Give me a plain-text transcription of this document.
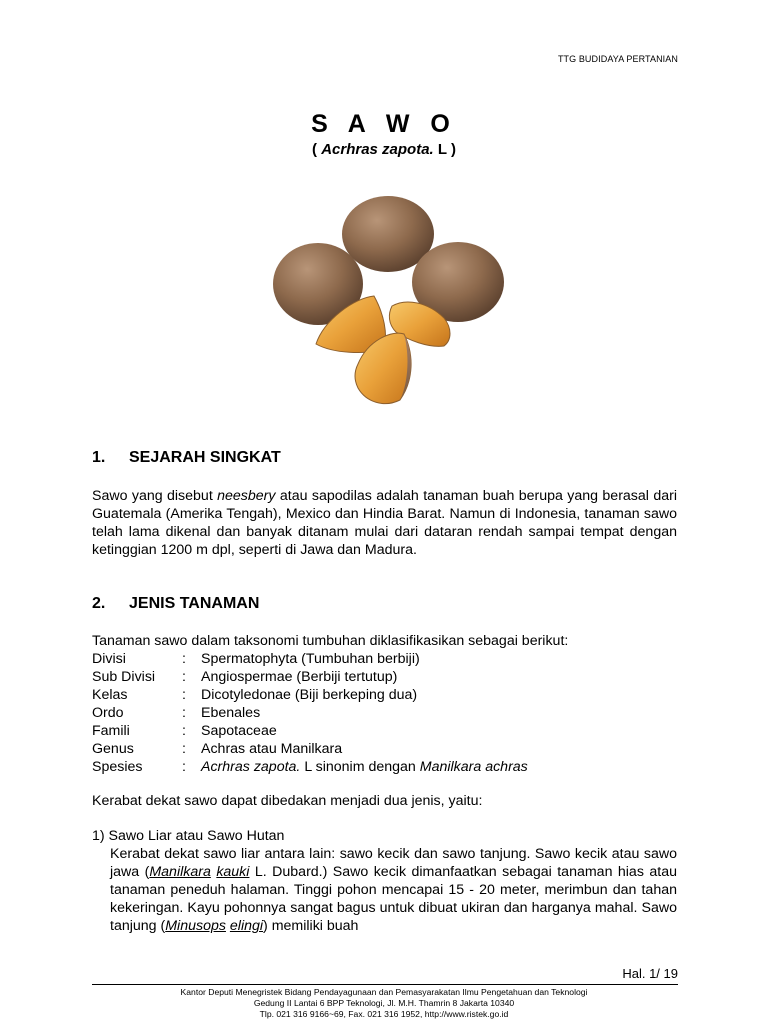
TTG BUDIDAYA PERTANIAN
S A W O
( Acrhras zapota. L )
1. SEJARAH SINGKAT
Sawo yang disebut neesbery atau sapodilas adalah tanaman buah berupa yang berasal dari Guatemala (Amerika Tengah), Mexico dan Hindia Barat. Namun di Indonesia, tanaman sawo telah lama dikenal dan banyak ditanam mulai dari dataran rendah sampai tempat dengan ketinggian 1200 m dpl, seperti di Jawa dan Madura.
2. JENIS TANAMAN
Tanaman sawo dalam taksonomi tumbuhan diklasifikasikan sebagai berikut:
Divisi	:	Spermatophyta (Tumbuhan berbiji)
Sub Divisi	:	Angiospermae (Berbiji tertutup)
Kelas	:	Dicotyledonae (Biji berkeping dua)
Ordo	:	Ebenales
Famili	:	Sapotaceae
Genus	:	Achras atau Manilkara
Spesies	:	Acrhras zapota. L sinonim dengan Manilkara achras
Kerabat dekat sawo dapat dibedakan menjadi dua jenis, yaitu:
1) Sawo Liar atau Sawo Hutan
Kerabat dekat sawo liar antara lain: sawo kecik dan sawo tanjung. Sawo kecik atau sawo jawa (Manilkara kauki L. Dubard.) Sawo kecik dimanfaatkan sebagai tanaman hias atau tanaman peneduh halaman. Tinggi pohon mencapai 15 - 20 meter, merimbun dan tahan kekeringan. Kayu pohonnya sangat bagus untuk dibuat ukiran dan harganya mahal. Sawo tanjung (Minusops elingi) memiliki buah
Hal. 1/ 19
Kantor Deputi Menegristek Bidang Pendayagunaan dan Pemasyarakatan Ilmu Pengetahuan dan Teknologi
Gedung II Lantai 6 BPP Teknologi, Jl. M.H. Thamrin 8 Jakarta 10340
Tlp. 021 316 9166~69, Fax. 021 316 1952, http://www.ristek.go.id
